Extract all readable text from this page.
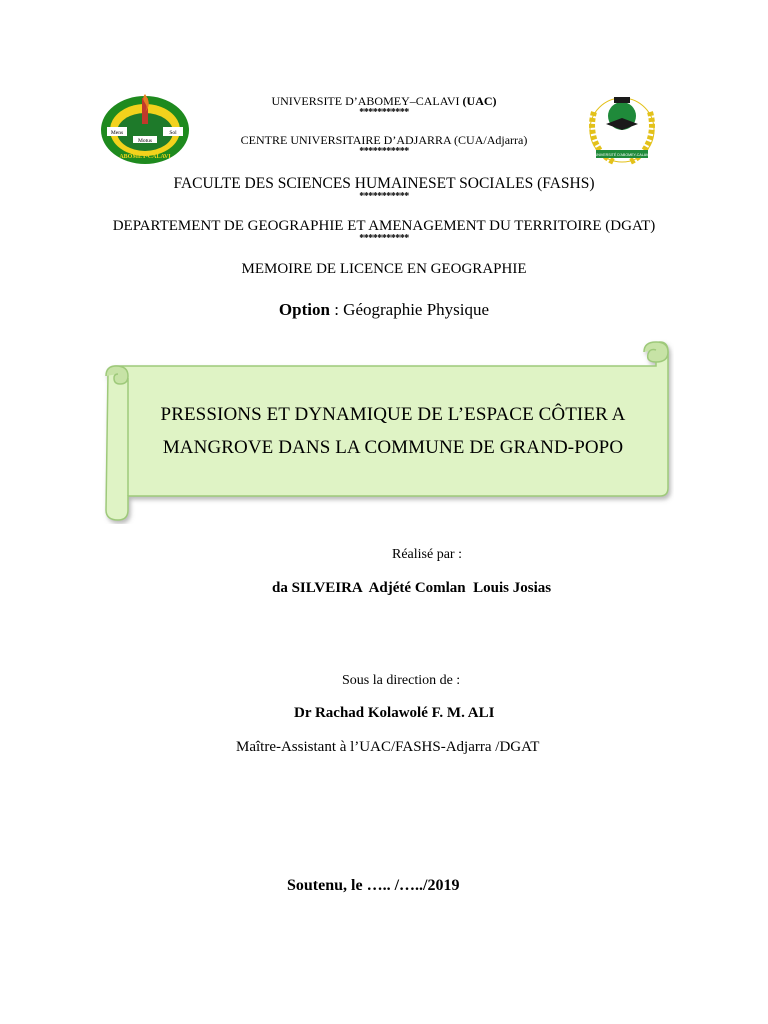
Mens
Motus
Sol
ABOMEY-CALAVI	UNIVERSITÉ D'ABOMEY-CALAVI
UNIVERSITE D’ABOMEY–CALAVI (UAC)
***********
CENTRE UNIVERSITAIRE D’ADJARRA (CUA/Adjarra)
***********
FACULTE DES SCIENCES HUMAINESET SOCIALES (FASHS)
***********
DEPARTEMENT DE GEOGRAPHIE ET AMENAGEMENT DU TERRITOIRE (DGAT)
***********
MEMOIRE DE LICENCE EN GEOGRAPHIE
Option : Géographie Physique
PRESSIONS ET DYNAMIQUE DE L’ESPACE CÔTIER A
MANGROVE DANS LA COMMUNE DE GRAND-POPO
Réalisé par :
da SILVEIRA  Adjété Comlan  Louis Josias
Sous la direction de :
Dr Rachad Kolawolé F. M. ALI
Maître-Assistant à l’UAC/FASHS-Adjarra /DGAT
Soutenu, le ….. /…../2019
